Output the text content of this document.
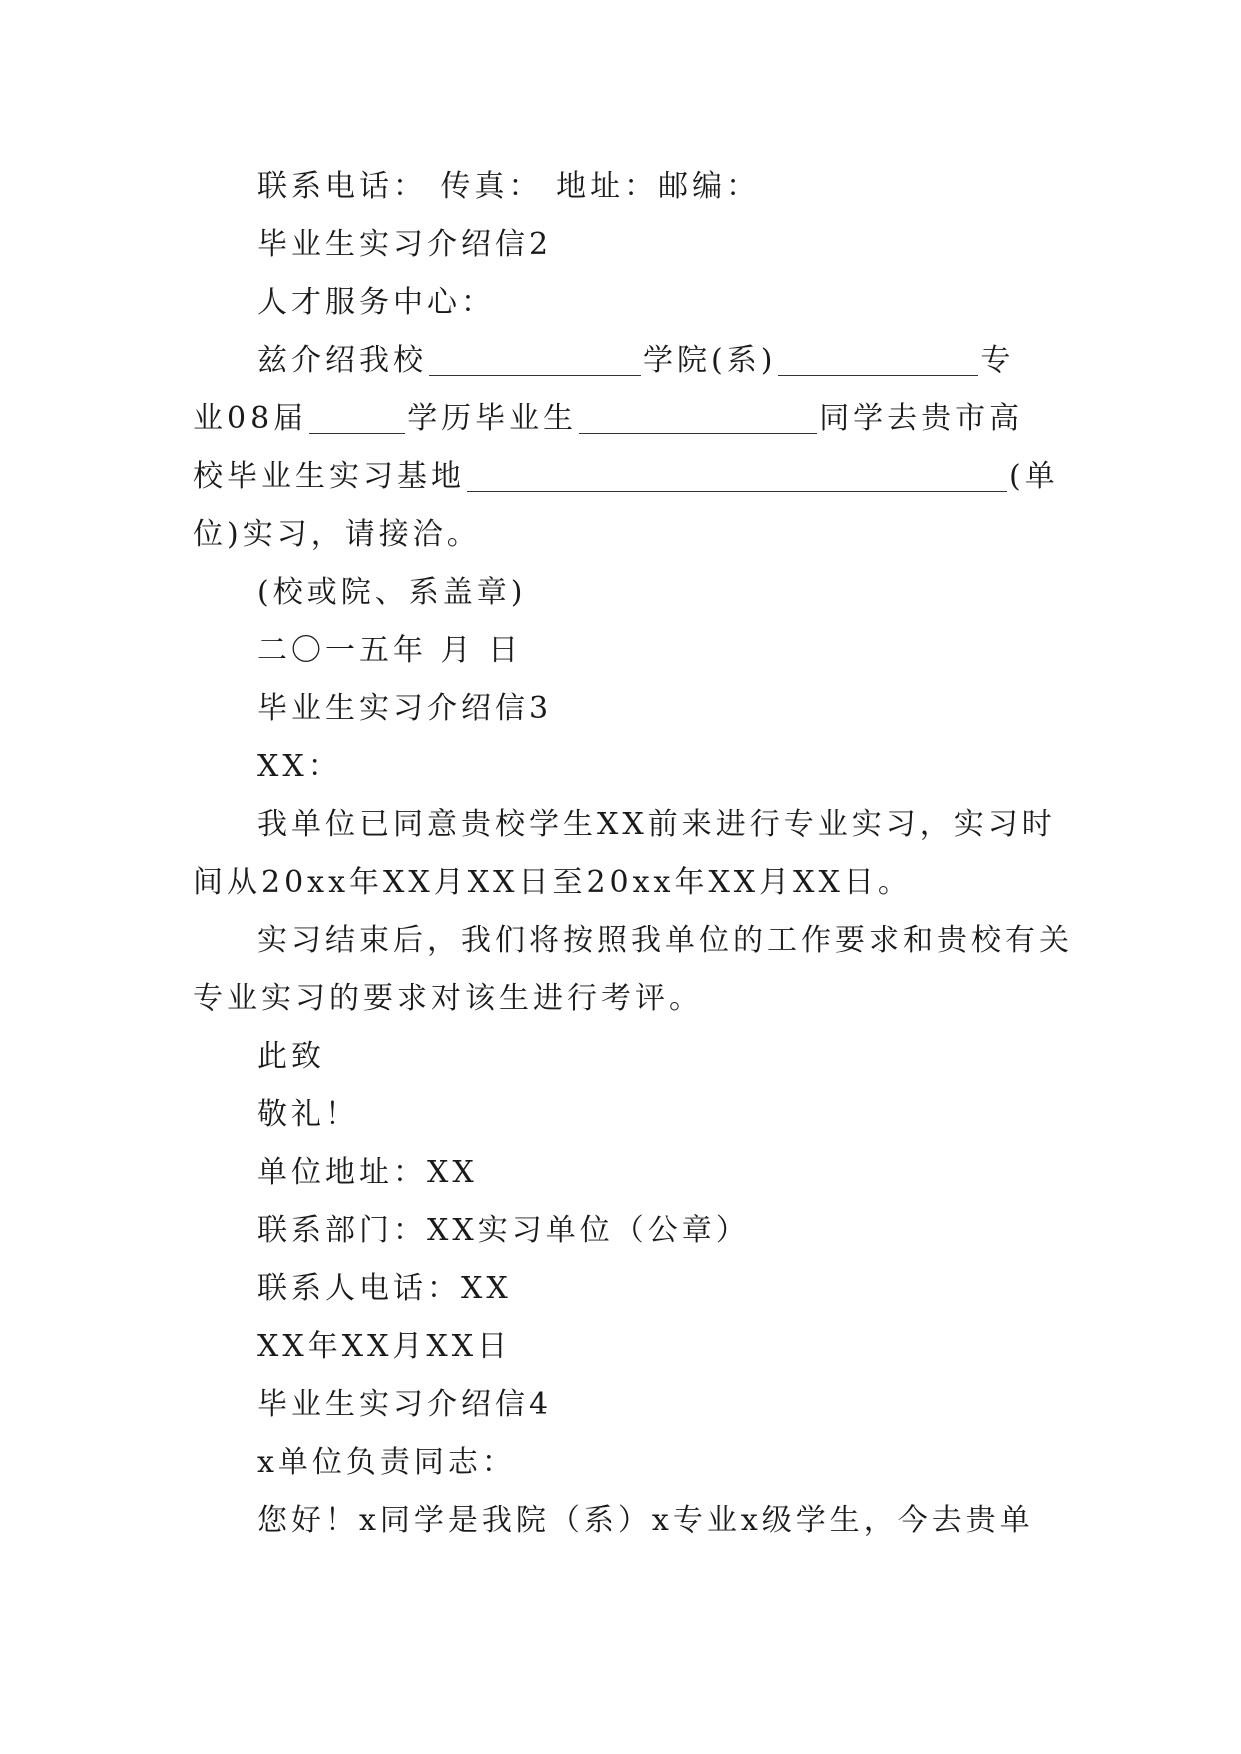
联系电话： 传真： 地址：邮编：
毕业生实习介绍信2
人才服务中心：
兹介绍我校	学院(系)	专
业08届	学历毕业生	同学去贵市高
校毕业生实习基地	(单
位)实习，请接洽。
(校或院、系盖章)
二〇一五年 月 日
毕业生实习介绍信3
XX：
我单位已同意贵校学生XX前来进行专业实习，实习时
间从20xx年XX月XX日至20xx年XX月XX日。
实习结束后，我们将按照我单位的工作要求和贵校有关
专业实习的要求对该生进行考评。
此致
敬礼！
单位地址：XX
联系部门：XX实习单位（公章）
联系人电话：XX
XX年XX月XX日
毕业生实习介绍信4
x单位负责同志：
您好！x同学是我院（系）x专业x级学生，今去贵单
